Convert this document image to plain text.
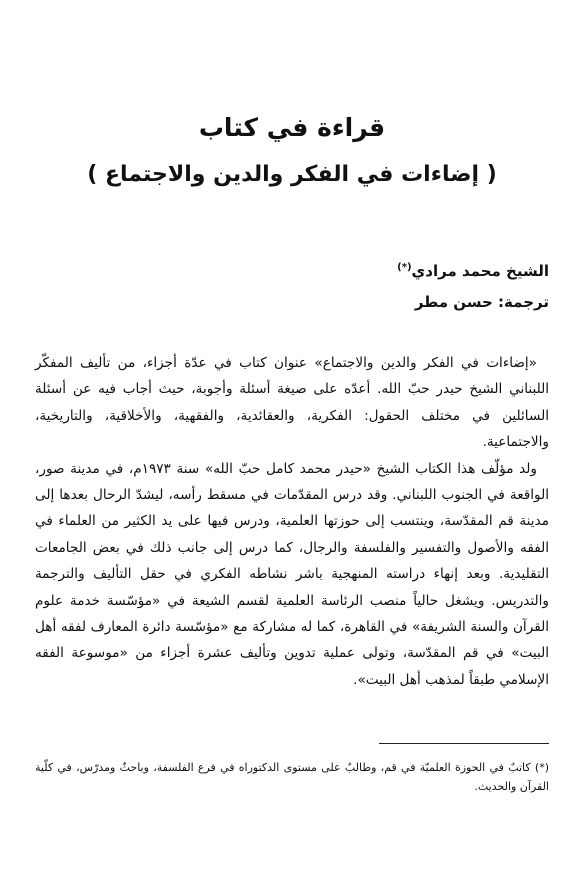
قراءة في كتاب
( إضاءات في الفكر والدين والاجتماع )
الشيخ محمد مرادي(*)
ترجمة: حسن مطر

«إضاءات في الفكر والدين والاجتماع» عنوان كتاب في عدّة أجزاء، من تأليف المفكّر اللبناني الشيخ حيدر حبّ الله. أعدّه على صيغة أسئلة وأجوبة، حيث أجاب فيه عن أسئلة السائلين في مختلف الحقول: الفكرية، والعقائدية، والفقهية، والأخلاقية، والتاريخية، والاجتماعية.

ولد مؤلّف هذا الكتاب الشيخ «حيدر محمد كامل حبّ الله» سنة ١٩٧٣م، في مدينة صور، الواقعة في الجنوب اللبناني. وقد درس المقدّمات في مسقط رأسه، ليشدّ الرحال بعدها إلى مدينة قم المقدّسة، وينتسب إلى حوزتها العلمية، ودرس فيها على يد الكثير من العلماء في الفقه والأصول والتفسير والفلسفة والرجال، كما درس إلى جانب ذلك في بعض الجامعات التقليدية. وبعد إنهاء دراسته المنهجية باشر نشاطه الفكري في حقل التأليف والترجمة والتدريس. ويشغل حالياً منصب الرئاسة العلمية لقسم الشيعة في «مؤسّسة خدمة علوم القرآن والسنة الشريفة» في القاهرة، كما له مشاركة مع «مؤسّسة دائرة المعارف لفقه أهل البيت» في قم المقدّسة، وتولى عملية تدوين وتأليف عشرة أجزاء من «موسوعة الفقه الإسلامي طبقاً لمذهب أهل البيت».

(*) كاتبٌ في الحوزة العلميّة في قم، وطالبٌ على مستوى الدكتوراه في فرع الفلسفة، وباحثٌ ومدرّس، في كلّية القرآن والحديث.
